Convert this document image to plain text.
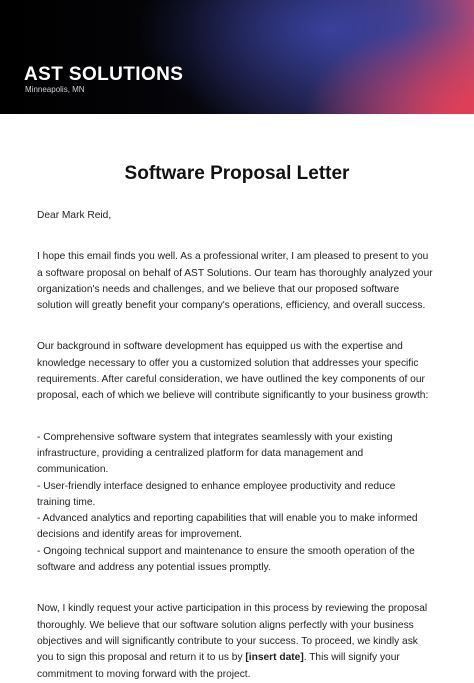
AST SOLUTIONS
Minneapolis, MN
Software Proposal Letter
Dear Mark Reid,
I hope this email finds you well. As a professional writer, I am pleased to present to you
a software proposal on behalf of AST Solutions. Our team has thoroughly analyzed your
organization's needs and challenges, and we believe that our proposed software
solution will greatly benefit your company's operations, efficiency, and overall success.
Our background in software development has equipped us with the expertise and
knowledge necessary to offer you a customized solution that addresses your specific
requirements. After careful consideration, we have outlined the key components of our
proposal, each of which we believe will contribute significantly to your business growth:
- Comprehensive software system that integrates seamlessly with your existing
infrastructure, providing a centralized platform for data management and
communication.
- User-friendly interface designed to enhance employee productivity and reduce
training time.
- Advanced analytics and reporting capabilities that will enable you to make informed
decisions and identify areas for improvement.
- Ongoing technical support and maintenance to ensure the smooth operation of the
software and address any potential issues promptly.
Now, I kindly request your active participation in this process by reviewing the proposal
thoroughly. We believe that our software solution aligns perfectly with your business
objectives and will significantly contribute to your success. To proceed, we kindly ask
you to sign this proposal and return it to us by [insert date]. This will signify your
commitment to moving forward with the project.
